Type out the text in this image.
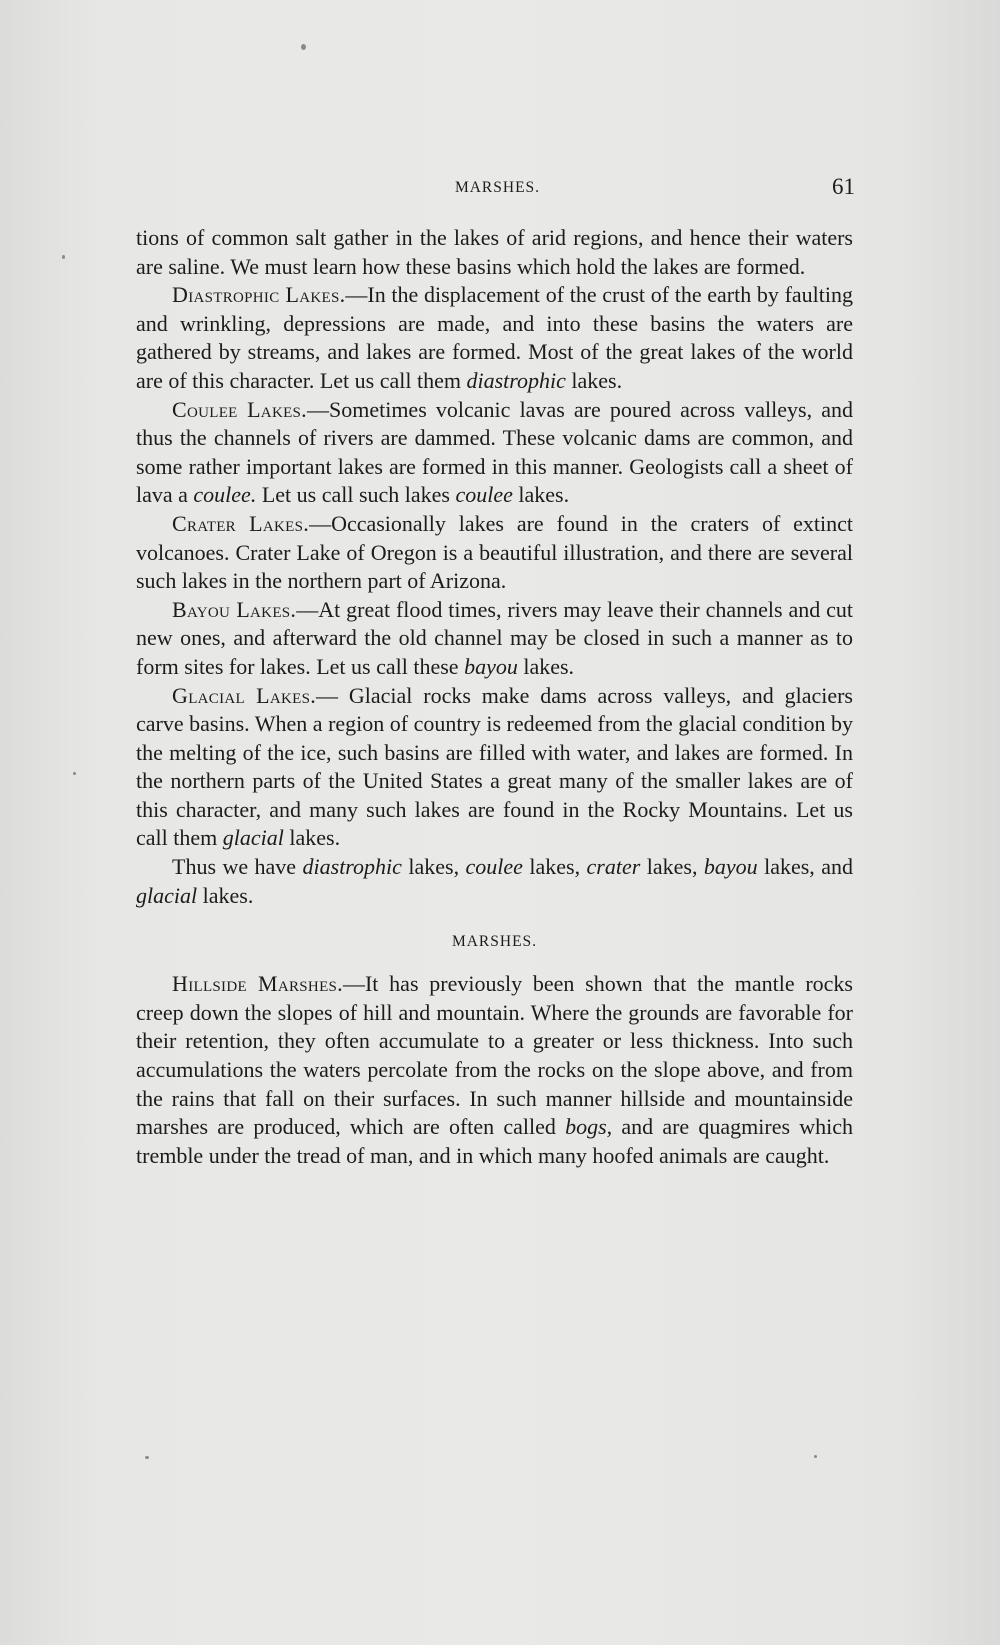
MARSHES.	61

tions of common salt gather in the lakes of arid regions, and hence their waters are saline. We must learn how these basins which hold the lakes are formed.

Diastrophic Lakes.—In the displacement of the crust of the earth by faulting and wrinkling, depressions are made, and into these basins the waters are gathered by streams, and lakes are formed. Most of the great lakes of the world are of this character. Let us call them diastrophic lakes.

Coulee Lakes.—Sometimes volcanic lavas are poured across valleys, and thus the channels of rivers are dammed. These volcanic dams are common, and some rather important lakes are formed in this manner. Geologists call a sheet of lava a coulee. Let us call such lakes coulee lakes.

Crater Lakes.—Occasionally lakes are found in the craters of extinct volcanoes. Crater Lake of Oregon is a beautiful illustration, and there are several such lakes in the northern part of Arizona.

Bayou Lakes.—At great flood times, rivers may leave their channels and cut new ones, and afterward the old channel may be closed in such a manner as to form sites for lakes. Let us call these bayou lakes.

Glacial Lakes.— Glacial rocks make dams across valleys, and glaciers carve basins. When a region of country is redeemed from the glacial condition by the melting of the ice, such basins are filled with water, and lakes are formed. In the northern parts of the United States a great many of the smaller lakes are of this character, and many such lakes are found in the Rocky Mountains. Let us call them glacial lakes.

Thus we have diastrophic lakes, coulee lakes, crater lakes, bayou lakes, and glacial lakes.

MARSHES.

Hillside Marshes.—It has previously been shown that the mantle rocks creep down the slopes of hill and mountain. Where the grounds are favorable for their retention, they often accumulate to a greater or less thickness. Into such accumulations the waters percolate from the rocks on the slope above, and from the rains that fall on their surfaces. In such manner hillside and mountainside marshes are produced, which are often called bogs, and are quagmires which tremble under the tread of man, and in which many hoofed animals are caught.
